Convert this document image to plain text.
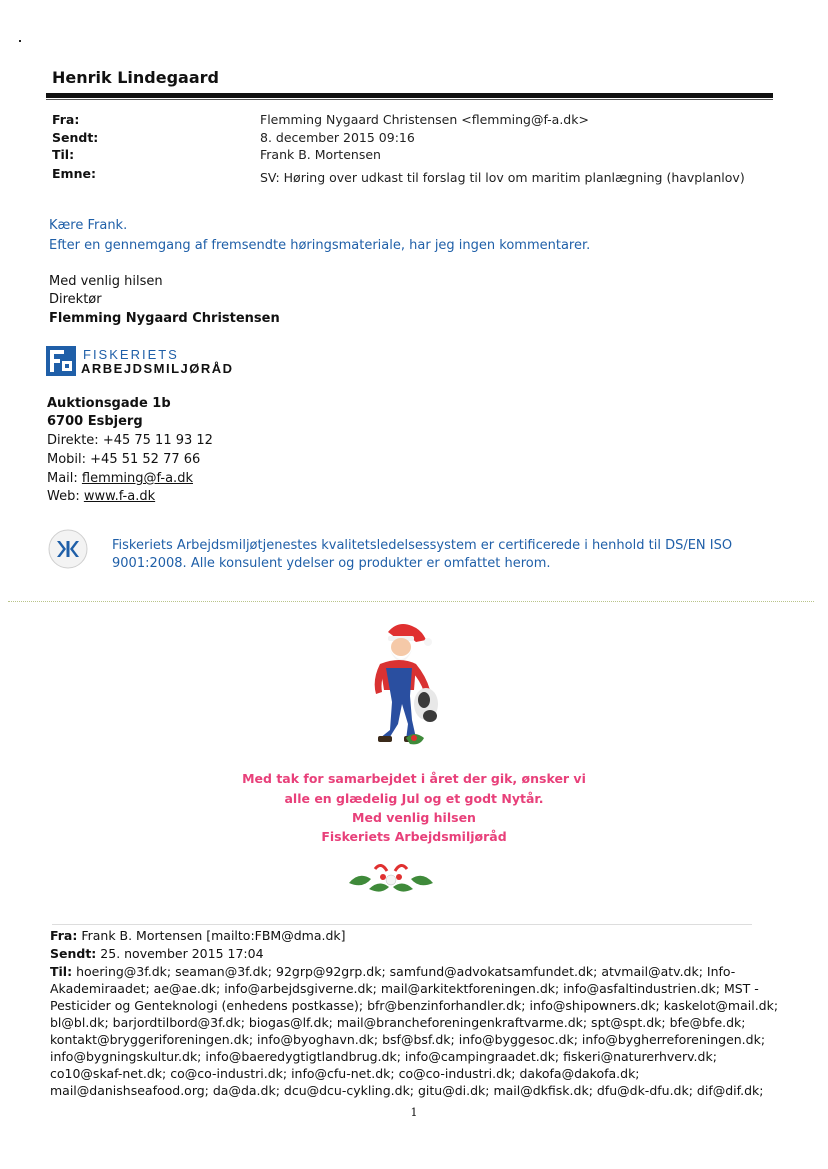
Henrik Lindegaard
Fra:	Flemming Nygaard Christensen <flemming@f-a.dk>
Sendt:	8. december 2015 09:16
Til:	Frank B. Mortensen
Emne:	SV: Høring over udkast til forslag til lov om maritim planlægning (havplanlov)
Kære Frank.
Efter en gennemgang af fremsendte høringsmateriale, har jeg ingen kommentarer.
Med venlig hilsen
Direktør
Flemming Nygaard Christensen
FISKERIETS
ARBEJDSMILJØRÅD
Auktionsgade 1b
6700 Esbjerg
Direkte: +45 75 11 93 12
Mobil: +45 51 52 77 66
Mail: flemming@f-a.dk
Web: www.f-a.dk
Fiskeriets Arbejdsmiljøtjenestes kvalitetsledelsessystem er certificerede i henhold til DS/EN ISO
9001:2008. Alle konsulent ydelser og produkter er omfattet herom.
Med tak for samarbejdet i året der gik, ønsker vi
alle en glædelig Jul og et godt Nytår.
Med venlig hilsen
Fiskeriets Arbejdsmiljøråd
Fra: Frank B. Mortensen [mailto:FBM@dma.dk]
Sendt: 25. november 2015 17:04
Til: hoering@3f.dk; seaman@3f.dk; 92grp@92grp.dk; samfund@advokatsamfundet.dk; atvmail@atv.dk; Info-
Akademiraadet; ae@ae.dk; info@arbejdsgiverne.dk; mail@arkitektforeningen.dk; info@asfaltindustrien.dk; MST -
Pesticider og Genteknologi (enhedens postkasse); bfr@benzinforhandler.dk; info@shipowners.dk; kaskelot@mail.dk;
bl@bl.dk; barjordtilbord@3f.dk; biogas@lf.dk; mail@brancheforeningenkraftvarme.dk; spt@spt.dk; bfe@bfe.dk;
kontakt@bryggeriforeningen.dk; info@byoghavn.dk; bsf@bsf.dk; info@byggesoc.dk; info@bygherreforeningen.dk;
info@bygningskultur.dk; info@baeredygtigtlandbrug.dk; info@campingraadet.dk; fiskeri@naturerhverv.dk;
co10@skaf-net.dk; co@co-industri.dk; info@cfu-net.dk; co@co-industri.dk; dakofa@dakofa.dk;
mail@danishseafood.org; da@da.dk; dcu@dcu-cykling.dk; gitu@di.dk; mail@dkfisk.dk; dfu@dk-dfu.dk; dif@dif.dk;
1
